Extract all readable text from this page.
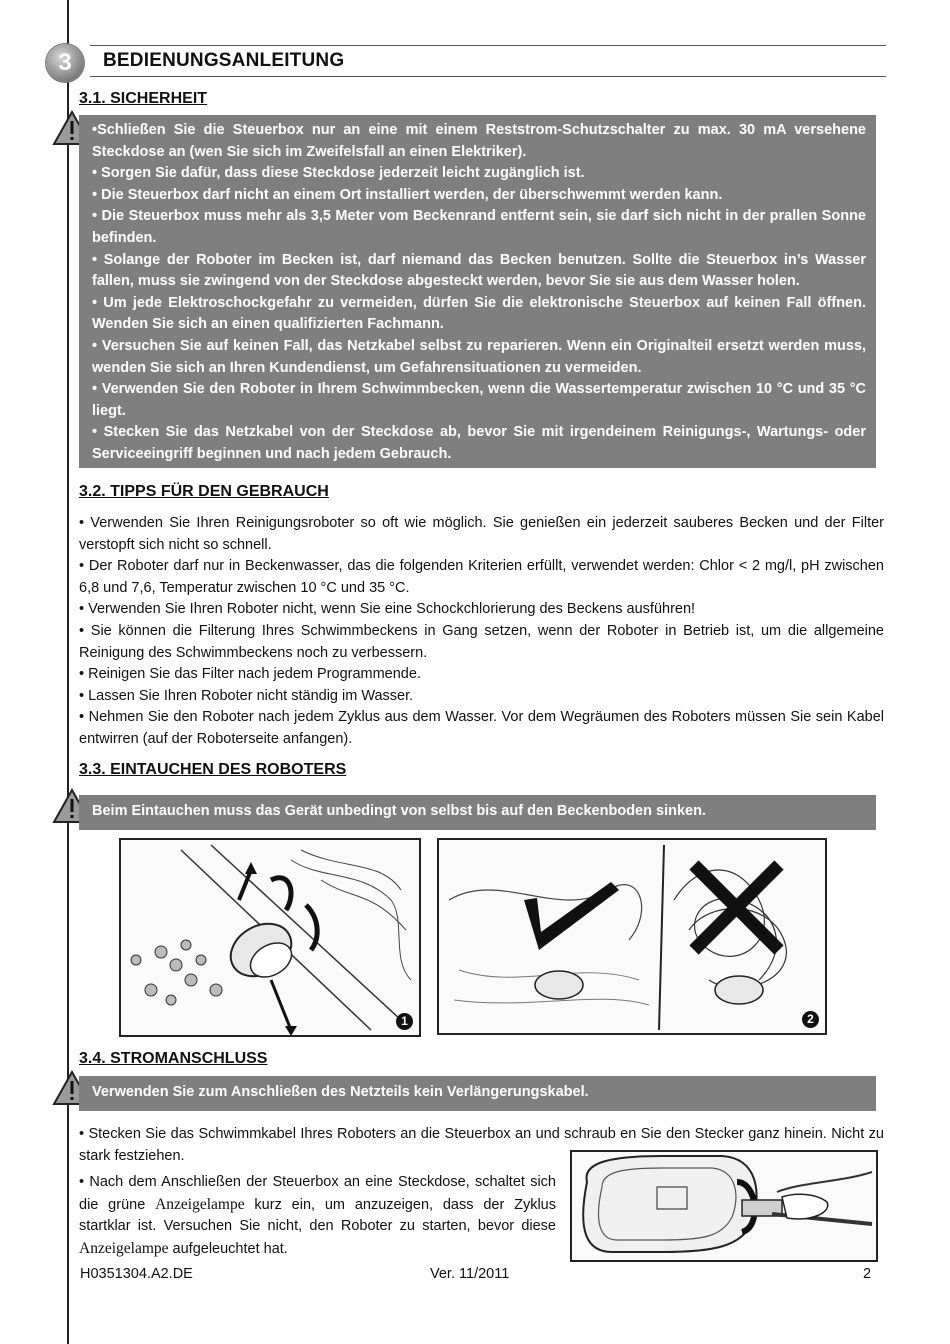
3	BEDIENUNGSANLEITUNG
3.1. SICHERHEIT
•Schließen Sie die Steuerbox nur an eine mit einem Reststrom-Schutzschalter zu max. 30 mA versehene Steckdose an (wen Sie sich im Zweifelsfall an einen Elektriker).
• Sorgen Sie dafür, dass diese Steckdose jederzeit leicht zugänglich ist.
• Die Steuerbox darf nicht an einem Ort installiert werden, der überschwemmt werden kann.
• Die Steuerbox muss mehr als 3,5 Meter vom Beckenrand entfernt sein, sie darf sich nicht in der prallen Sonne befinden.
• Solange der Roboter im Becken ist, darf niemand das Becken benutzen. Sollte die Steuerbox in’s Wasser fallen, muss sie zwingend von der Steckdose abgesteckt werden, bevor Sie sie aus dem Wasser holen.
• Um jede Elektroschockgefahr zu vermeiden, dürfen Sie die elektronische Steuerbox auf keinen Fall öffnen. Wenden Sie sich an einen qualifizierten Fachmann.
• Versuchen Sie auf keinen Fall, das Netzkabel selbst zu reparieren. Wenn ein Originalteil ersetzt werden muss, wenden Sie sich an Ihren Kundendienst, um Gefahrensituationen zu vermeiden.
• Verwenden Sie den Roboter in Ihrem Schwimmbecken, wenn die Wassertemperatur zwischen 10 °C und 35 °C liegt.
• Stecken Sie das Netzkabel von der Steckdose ab, bevor Sie mit irgendeinem Reinigungs-, Wartungs- oder Serviceeingriff beginnen und nach jedem Gebrauch.
3.2. TIPPS FÜR DEN GEBRAUCH

• Verwenden Sie Ihren Reinigungsroboter so oft wie möglich. Sie genießen ein jederzeit sauberes Becken und der Filter verstopft sich nicht so schnell.

• Der Roboter darf nur in Beckenwasser, das die folgenden Kriterien erfüllt, verwendet werden: Chlor < 2 mg/l, pH zwischen 6,8 und 7,6, Temperatur zwischen 10 °C und 35 °C.

• Verwenden Sie Ihren Roboter nicht, wenn Sie eine Schockchlorierung des Beckens ausführen!

• Sie können die Filterung Ihres Schwimmbeckens in Gang setzen, wenn der Roboter in Betrieb ist, um die allgemeine Reinigung des Schwimmbeckens noch zu verbessern.

• Reinigen Sie das Filter nach jedem Programmende.

• Lassen Sie Ihren Roboter nicht ständig im Wasser.

• Nehmen Sie den Roboter nach jedem Zyklus aus dem Wasser. Vor dem Wegräumen des Roboters müssen Sie sein Kabel entwirren (auf der Roboterseite anfangen).

3.3. EINTAUCHEN DES ROBOTERS
Beim Eintauchen muss das Gerät unbedingt von selbst bis auf den Beckenboden sinken.
1	2
3.4. STROMANSCHLUSS
Verwenden Sie zum Anschließen des Netzteils kein Verlängerungskabel.

• Stecken Sie das Schwimmkabel Ihres Roboters an die Steuerbox an und schraub en Sie den Stecker ganz hinein. Nicht zu stark festziehen.

• Nach dem Anschließen der Steuerbox an eine Steckdose, schaltet sich die grüne Anzeigelampe kurz ein, um anzuzeigen, dass der Zyklus startklar ist. Versuchen Sie nicht, den Roboter zu starten, bevor diese Anzeigelampe aufgeleuchtet hat.

H0351304.A2.DE	Ver. 11/2011	2
